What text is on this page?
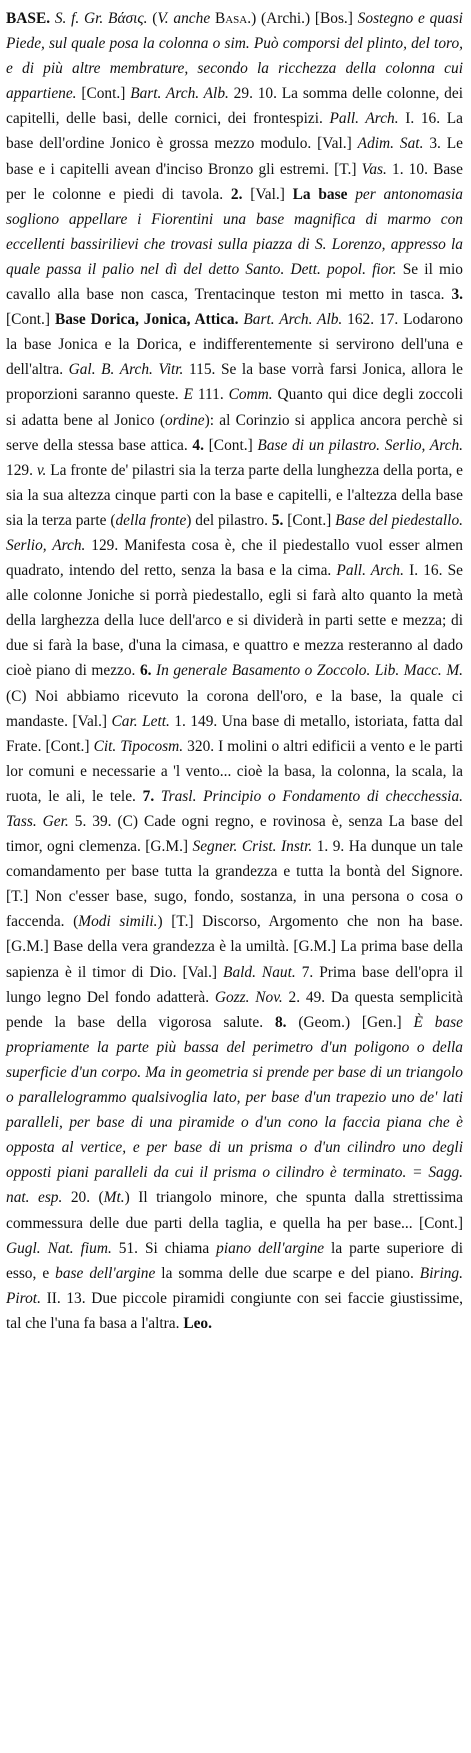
BASE. S. f. Gr. Βάσις. (V. anche Basa.) (Archi.) [Bos.] Sostegno e quasi Piede, sul quale posa la colonna o sim. Può comporsi del plinto, del toro, e di più altre membrature, secondo la ricchezza della colonna cui appartiene. [Cont.] Bart. Arch. Alb. 29. 10. La somma delle colonne, dei capitelli, delle basi, delle cornici, dei frontespizi. Pall. Arch. I. 16. La base dell'ordine Jonico è grossa mezzo modulo. [Val.] Adim. Sat. 3. Le base e i capitelli avean d'inciso Bronzo gli estremi. [T.] Vas. 1. 10. Base per le colonne e piedi di tavola. 2. [Val.] La base per antonomasia sogliono appellare i Fiorentini una base magnifica di marmo con eccellenti bassirilievi che trovasi sulla piazza di S. Lorenzo, appresso la quale passa il palio nel dì del detto Santo. Dett. popol. fior. Se il mio cavallo alla base non casca, Trentacinque teston mi metto in tasca. 3. [Cont.] Base Dorica, Jonica, Attica. Bart. Arch. Alb. 162. 17. Lodarono la base Jonica e la Dorica, e indifferentemente si servirono dell'una e dell'altra. Gal. B. Arch. Vitr. 115. Se la base vorrà farsi Jonica, allora le proporzioni saranno queste. E 111. Comm. Quanto qui dice degli zoccoli si adatta bene al Jonico (ordine): al Corinzio si applica ancora perchè si serve della stessa base attica. 4. [Cont.] Base di un pilastro. Serlio, Arch. 129. v. La fronte de' pilastri sia la terza parte della lunghezza della porta, e sia la sua altezza cinque parti con la base e capitelli, e l'altezza della base sia la terza parte (della fronte) del pilastro. 5. [Cont.] Base del piedestallo. Serlio, Arch. 129. Manifesta cosa è, che il piedestallo vuol esser almen quadrato, intendo del retto, senza la basa e la cima. Pall. Arch. I. 16. Se alle colonne Joniche si porrà piedestallo, egli si farà alto quanto la metà della larghezza della luce dell'arco e si dividerà in parti sette e mezza; di due si farà la base, d'una la cimasa, e quattro e mezza resteranno al dado cioè piano di mezzo. 6. In generale Basamento o Zoccolo. Lib. Macc. M. (C) Noi abbiamo ricevuto la corona dell'oro, e la base, la quale ci mandaste. [Val.] Car. Lett. 1. 149. Una base di metallo, istoriata, fatta dal Frate. [Cont.] Cit. Tipocosm. 320. I molini o altri edificii a vento e le parti lor comuni e necessarie a 'l vento... cioè la basa, la colonna, la scala, la ruota, le ali, le tele. 7. Trasl. Principio o Fondamento di checchessia. Tass. Ger. 5. 39. (C) Cade ogni regno, e rovinosa è, senza La base del timor, ogni clemenza. [G.M.] Segner. Crist. Instr. 1. 9. Ha dunque un tale comandamento per base tutta la grandezza e tutta la bontà del Signore. [T.] Non c'esser base, sugo, fondo, sostanza, in una persona o cosa o faccenda. (Modi simili.) [T.] Discorso, Argomento che non ha base. [G.M.] Base della vera grandezza è la umiltà. [G.M.] La prima base della sapienza è il timor di Dio. [Val.] Bald. Naut. 7. Prima base dell'opra il lungo legno Del fondo adatterà. Gozz. Nov. 2. 49. Da questa semplicità pende la base della vigorosa salute. 8. (Geom.) [Gen.] È base propriamente la parte più bassa del perimetro d'un poligono o della superficie d'un corpo. Ma in geometria si prende per base di un triangolo o parallelogrammo qualsivoglia lato, per base d'un trapezio uno de' lati paralleli, per base di una piramide o d'un cono la faccia piana che è opposta al vertice, e per base di un prisma o d'un cilindro uno degli opposti piani paralleli da cui il prisma o cilindro è terminato. = Sagg. nat. esp. 20. (Mt.) Il triangolo minore, che spunta dalla strettissima commessura delle due parti della taglia, e quella ha per base... [Cont.] Gugl. Nat. fium. 51. Si chiama piano dell'argine la parte superiore di esso, e base dell'argine la somma delle due scarpe e del piano. Biring. Pirot. II. 13. Due piccole piramidi congiunte con sei faccie giustissime, tal che l'una fa basa a l'altra. Leo.
